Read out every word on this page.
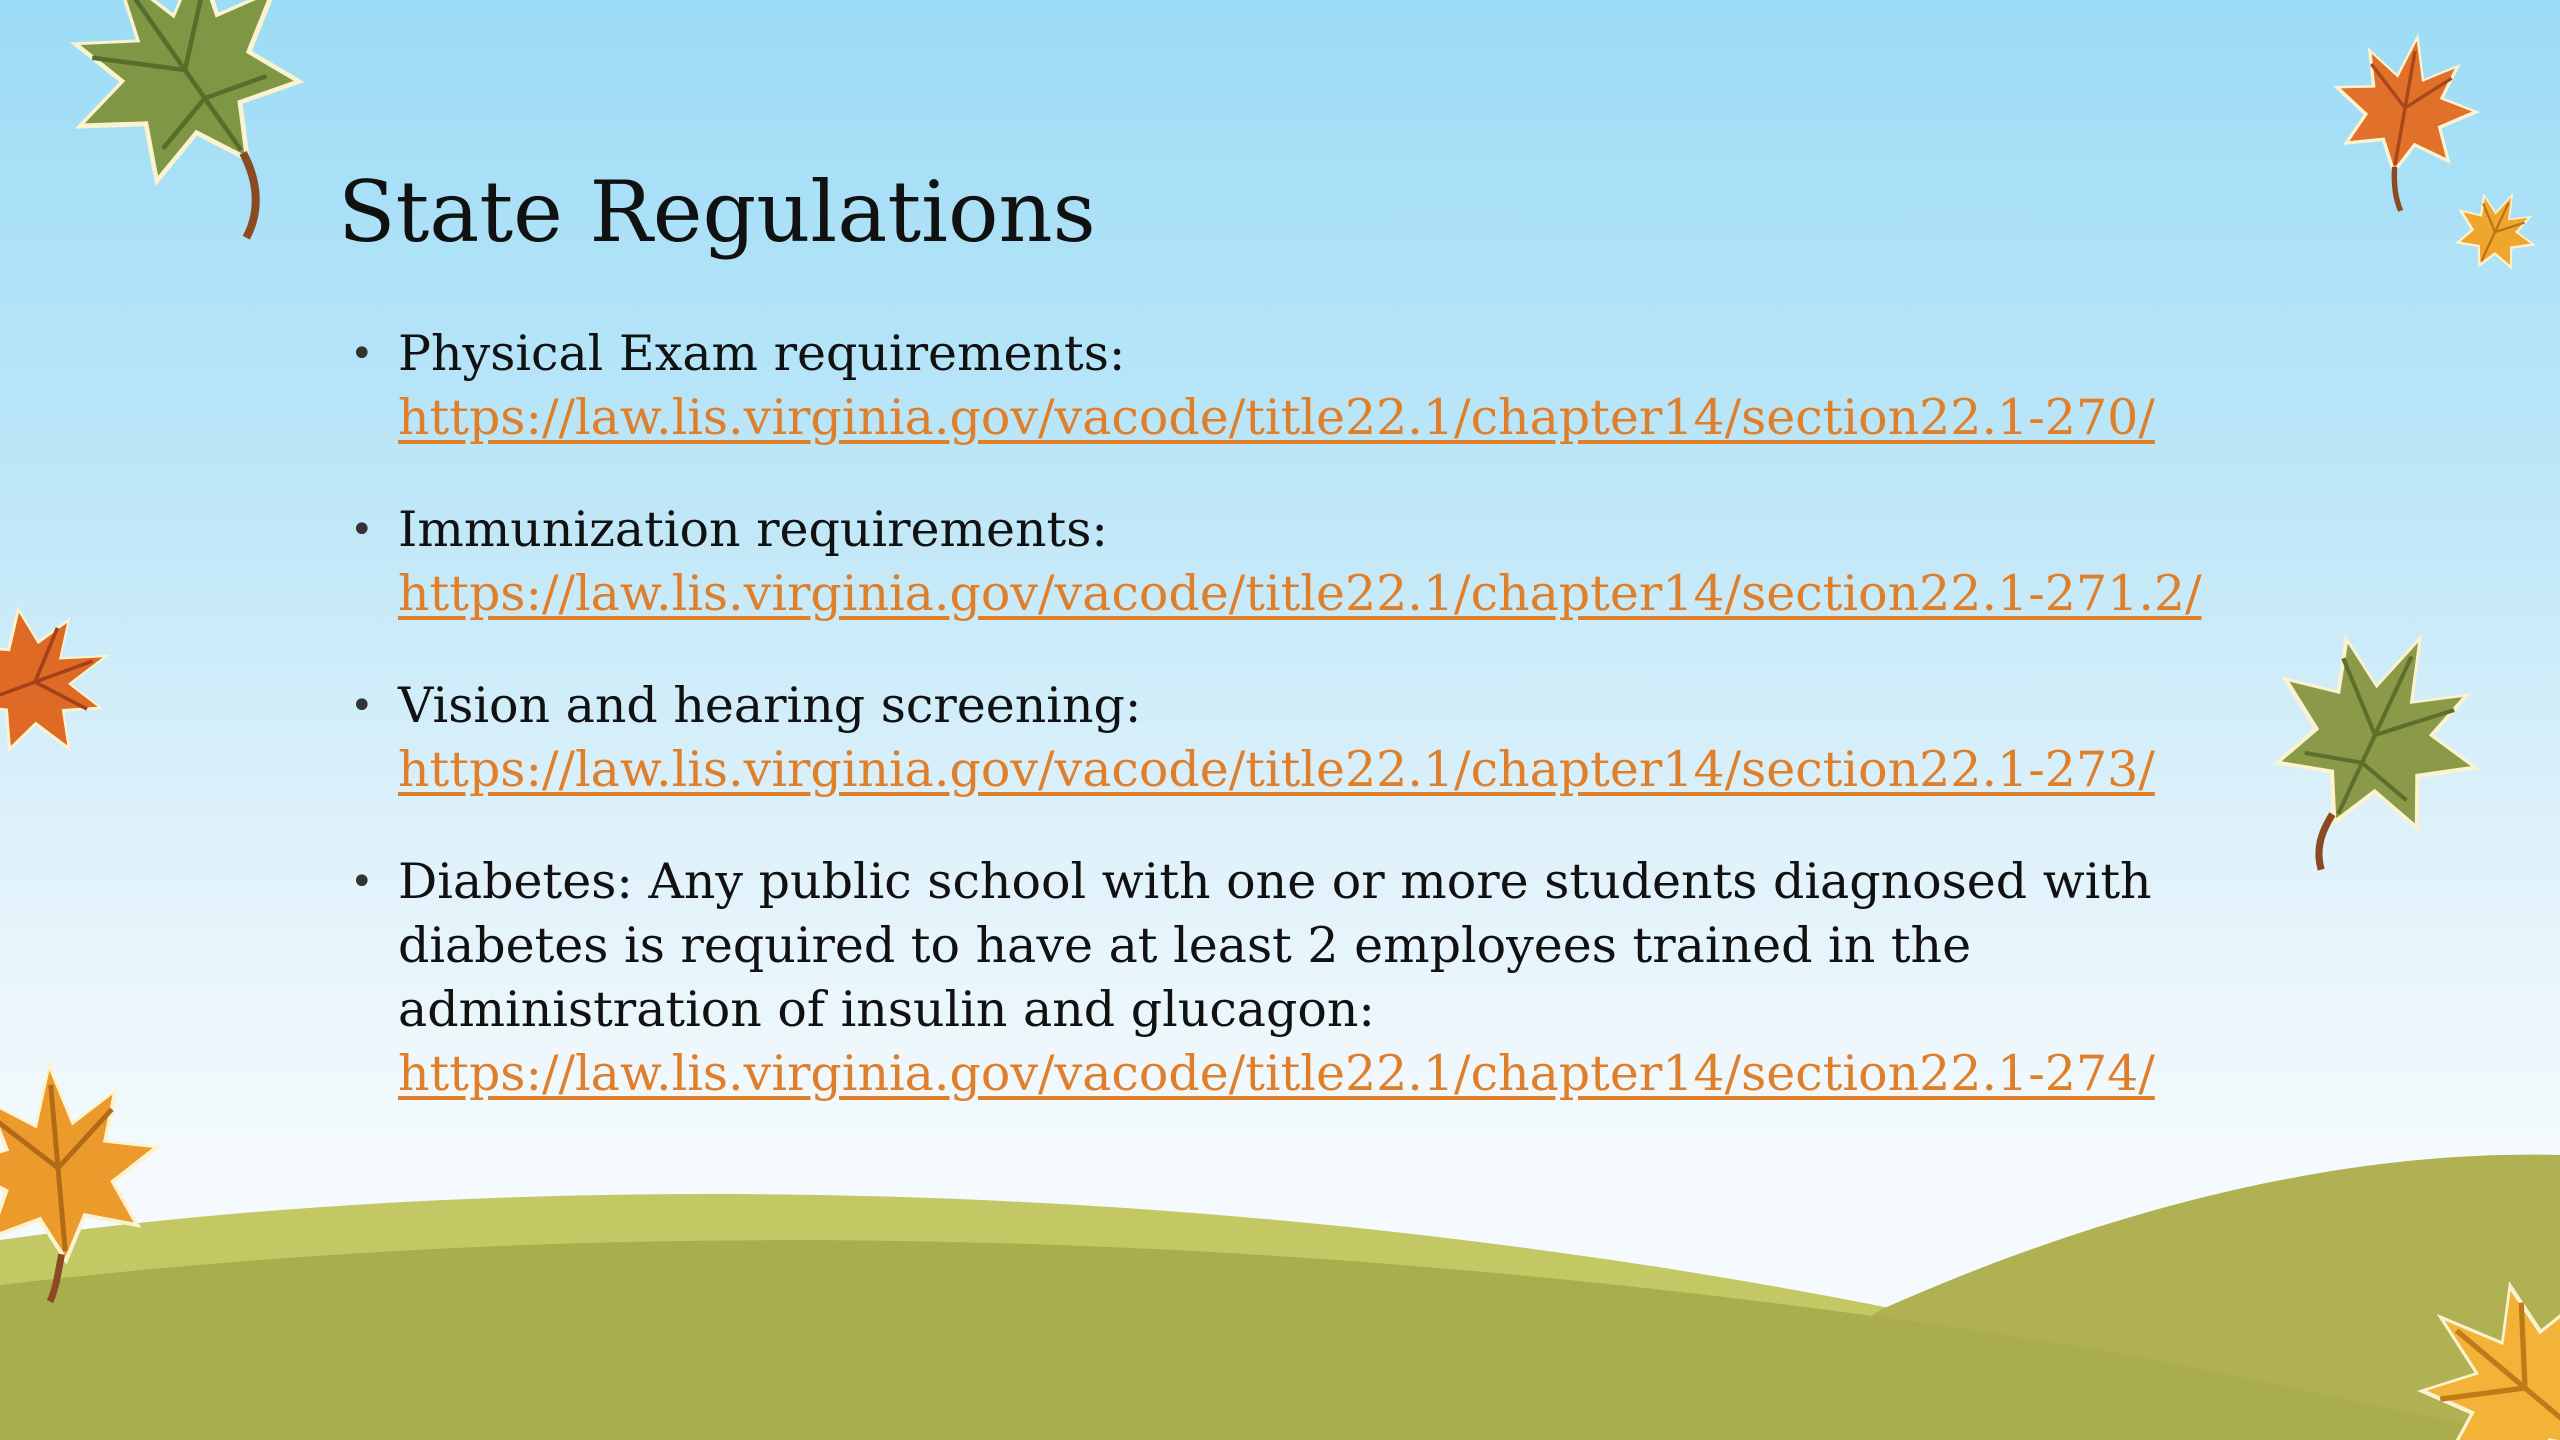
State Regulations
• Physical Exam requirements:
https://law.lis.virginia.gov/vacode/title22.1/chapter14/section22.1-270/
• Immunization requirements:
https://law.lis.virginia.gov/vacode/title22.1/chapter14/section22.1-271.2/
• Vision and hearing screening:
https://law.lis.virginia.gov/vacode/title22.1/chapter14/section22.1-273/
• Diabetes: Any public school with one or more students diagnosed with diabetes is required to have at least 2 employees trained in the administration of insulin and glucagon:
https://law.lis.virginia.gov/vacode/title22.1/chapter14/section22.1-274/
